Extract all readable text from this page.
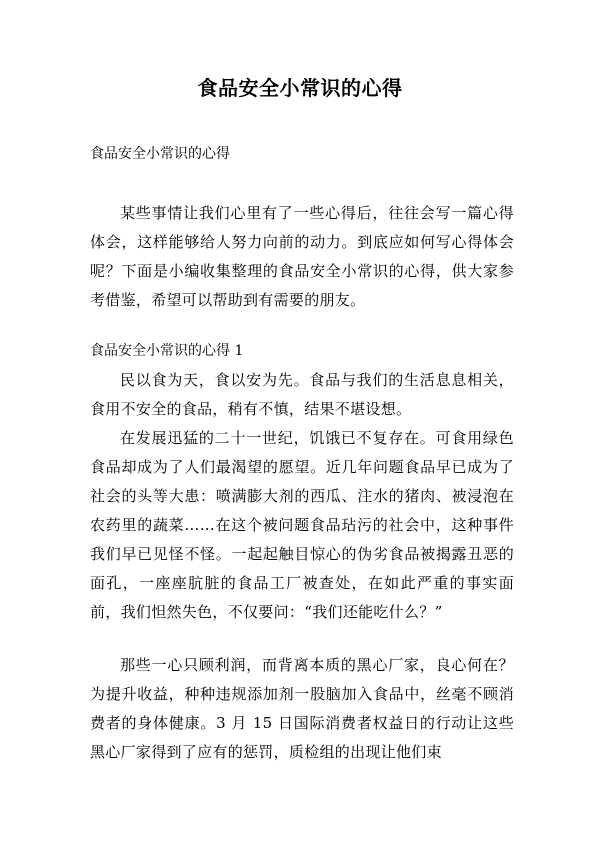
食品安全小常识的心得
食品安全小常识的心得

某些事情让我们心里有了一些心得后，往往会写一篇心得体会，这样能够给人努力向前的动力。到底应如何写心得体会呢？下面是小编收集整理的食品安全小常识的心得，供大家参考借鉴，希望可以帮助到有需要的朋友。

食品安全小常识的心得 1

民以食为天，食以安为先。食品与我们的生活息息相关，食用不安全的食品，稍有不慎，结果不堪设想。

在发展迅猛的二十一世纪，饥饿已不复存在。可食用绿色食品却成为了人们最渴望的愿望。近几年问题食品早已成为了社会的头等大患：喷满膨大剂的西瓜、注水的猪肉、被浸泡在农药里的蔬菜……在这个被问题食品玷污的社会中，这种事件我们早已见怪不怪。一起起触目惊心的伪劣食品被揭露丑恶的面孔，一座座肮脏的食品工厂被查处，在如此严重的事实面前，我们怛然失色，不仅要问：“我们还能吃什么？”

那些一心只顾利润，而背离本质的黑心厂家，良心何在？为提升收益，种种违规添加剂一股脑加入食品中，丝毫不顾消费者的身体健康。3 月 15 日国际消费者权益日的行动让这些黑心厂家得到了应有的惩罚，质检组的出现让他们束
